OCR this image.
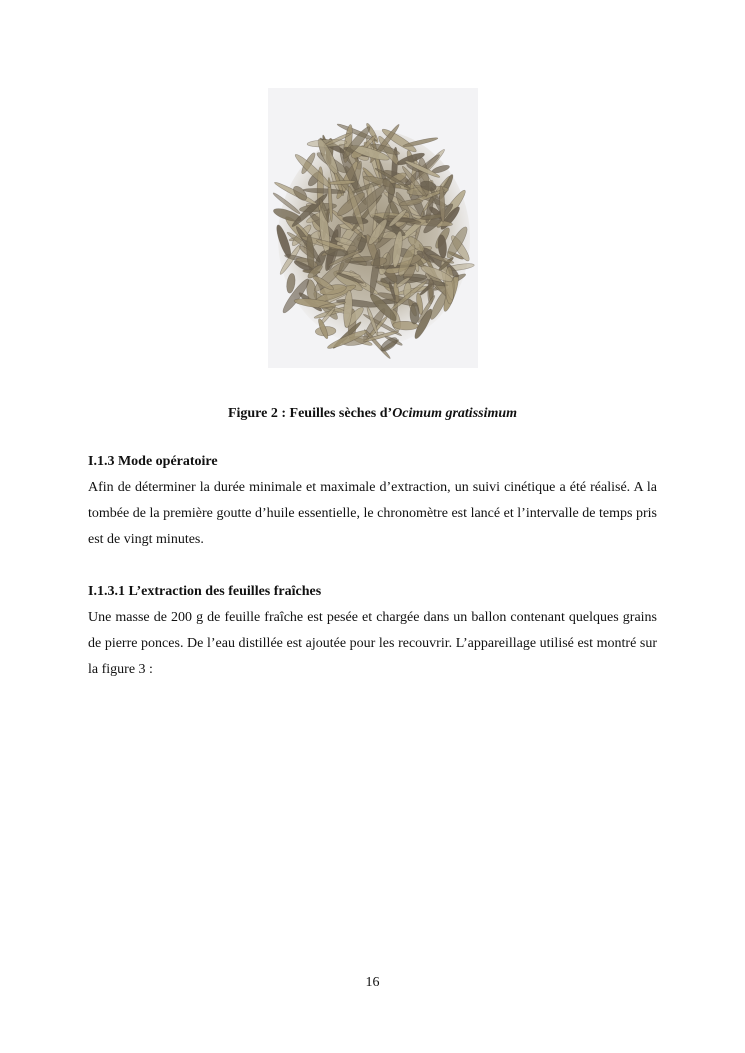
Figure 2 : Feuilles sèches d’Ocimum gratissimum
I.1.3 Mode opératoire

Afin de déterminer la durée minimale et maximale d’extraction, un suivi cinétique a été réalisé. A la tombée de la première goutte d’huile essentielle, le chronomètre est lancé et l’intervalle de temps pris est de vingt minutes.

I.1.3.1 L’extraction des feuilles fraîches

Une masse de 200 g de feuille fraîche est pesée et chargée dans un ballon contenant quelques grains de pierre ponces. De l’eau distillée est ajoutée pour les recouvrir. L’appareillage utilisé est montré sur la figure 3 :

16
